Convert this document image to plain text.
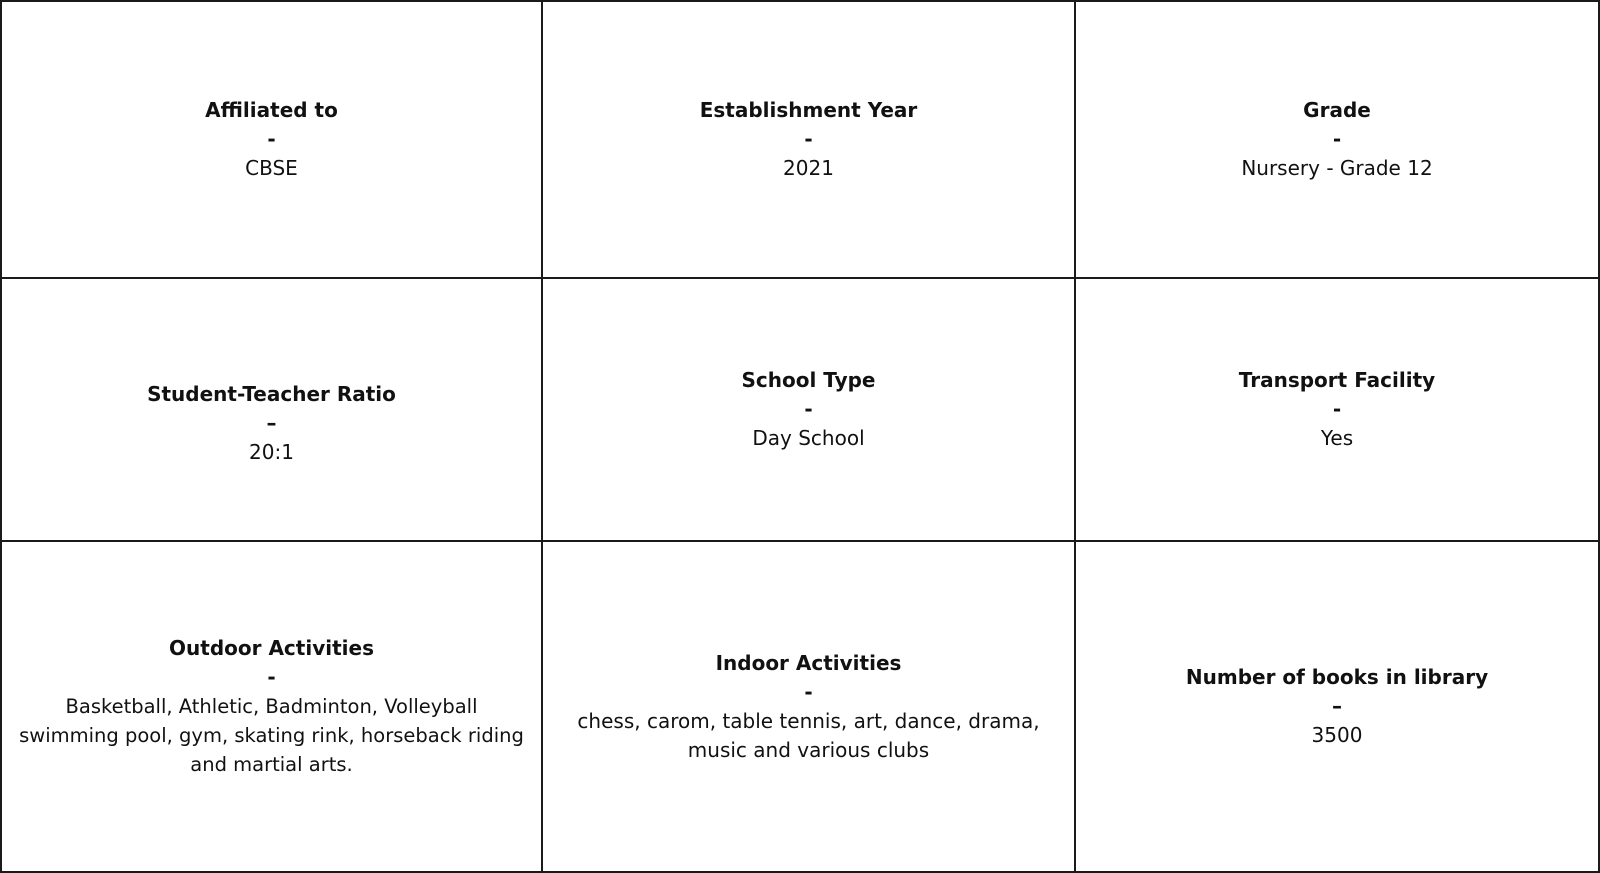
Affiliated to
-
CBSE
Establishment Year
-
2021
Grade
-
Nursery - Grade 12
Student-Teacher Ratio
–
20:1
School Type
-
Day School
Transport Facility
-
Yes
Outdoor Activities
-
Basketball, Athletic, Badminton, Volleyball
swimming pool, gym, skating rink, horseback riding
and martial arts.
Indoor Activities
-
chess, carom, table tennis, art, dance, drama,
music and various clubs
Number of books in library
–
3500
